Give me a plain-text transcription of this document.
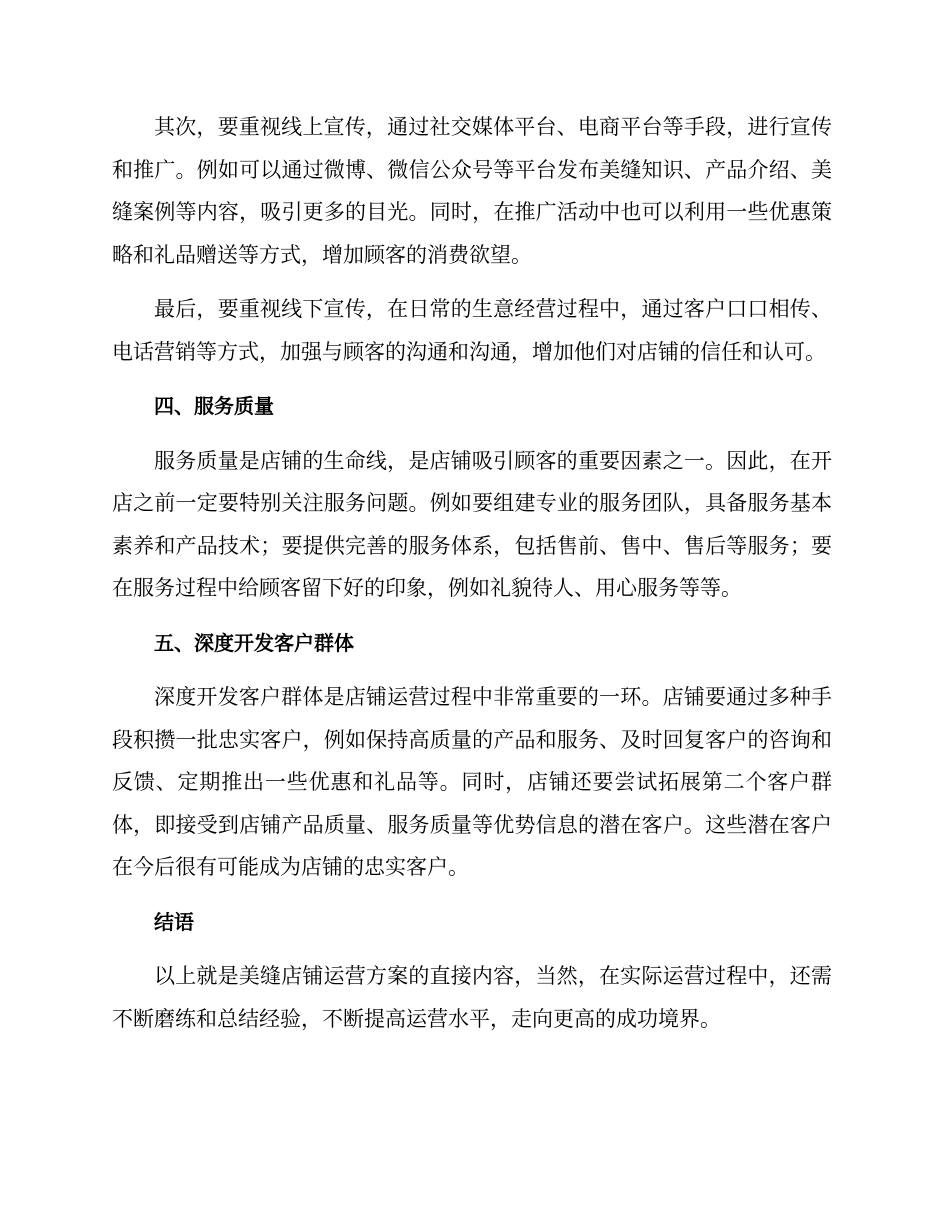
其次，要重视线上宣传，通过社交媒体平台、电商平台等手段，进行宣传和推广。例如可以通过微博、微信公众号等平台发布美缝知识、产品介绍、美缝案例等内容，吸引更多的目光。同时，在推广活动中也可以利用一些优惠策略和礼品赠送等方式，增加顾客的消费欲望。

最后，要重视线下宣传，在日常的生意经营过程中，通过客户口口相传、电话营销等方式，加强与顾客的沟通和沟通，增加他们对店铺的信任和认可。

四、服务质量

服务质量是店铺的生命线，是店铺吸引顾客的重要因素之一。因此，在开店之前一定要特别关注服务问题。例如要组建专业的服务团队，具备服务基本素养和产品技术；要提供完善的服务体系，包括售前、售中、售后等服务；要在服务过程中给顾客留下好的印象，例如礼貌待人、用心服务等等。

五、深度开发客户群体

深度开发客户群体是店铺运营过程中非常重要的一环。店铺要通过多种手段积攒一批忠实客户，例如保持高质量的产品和服务、及时回复客户的咨询和反馈、定期推出一些优惠和礼品等。同时，店铺还要尝试拓展第二个客户群体，即接受到店铺产品质量、服务质量等优势信息的潜在客户。这些潜在客户在今后很有可能成为店铺的忠实客户。

结语

以上就是美缝店铺运营方案的直接内容，当然，在实际运营过程中，还需不断磨练和总结经验，不断提高运营水平，走向更高的成功境界。
